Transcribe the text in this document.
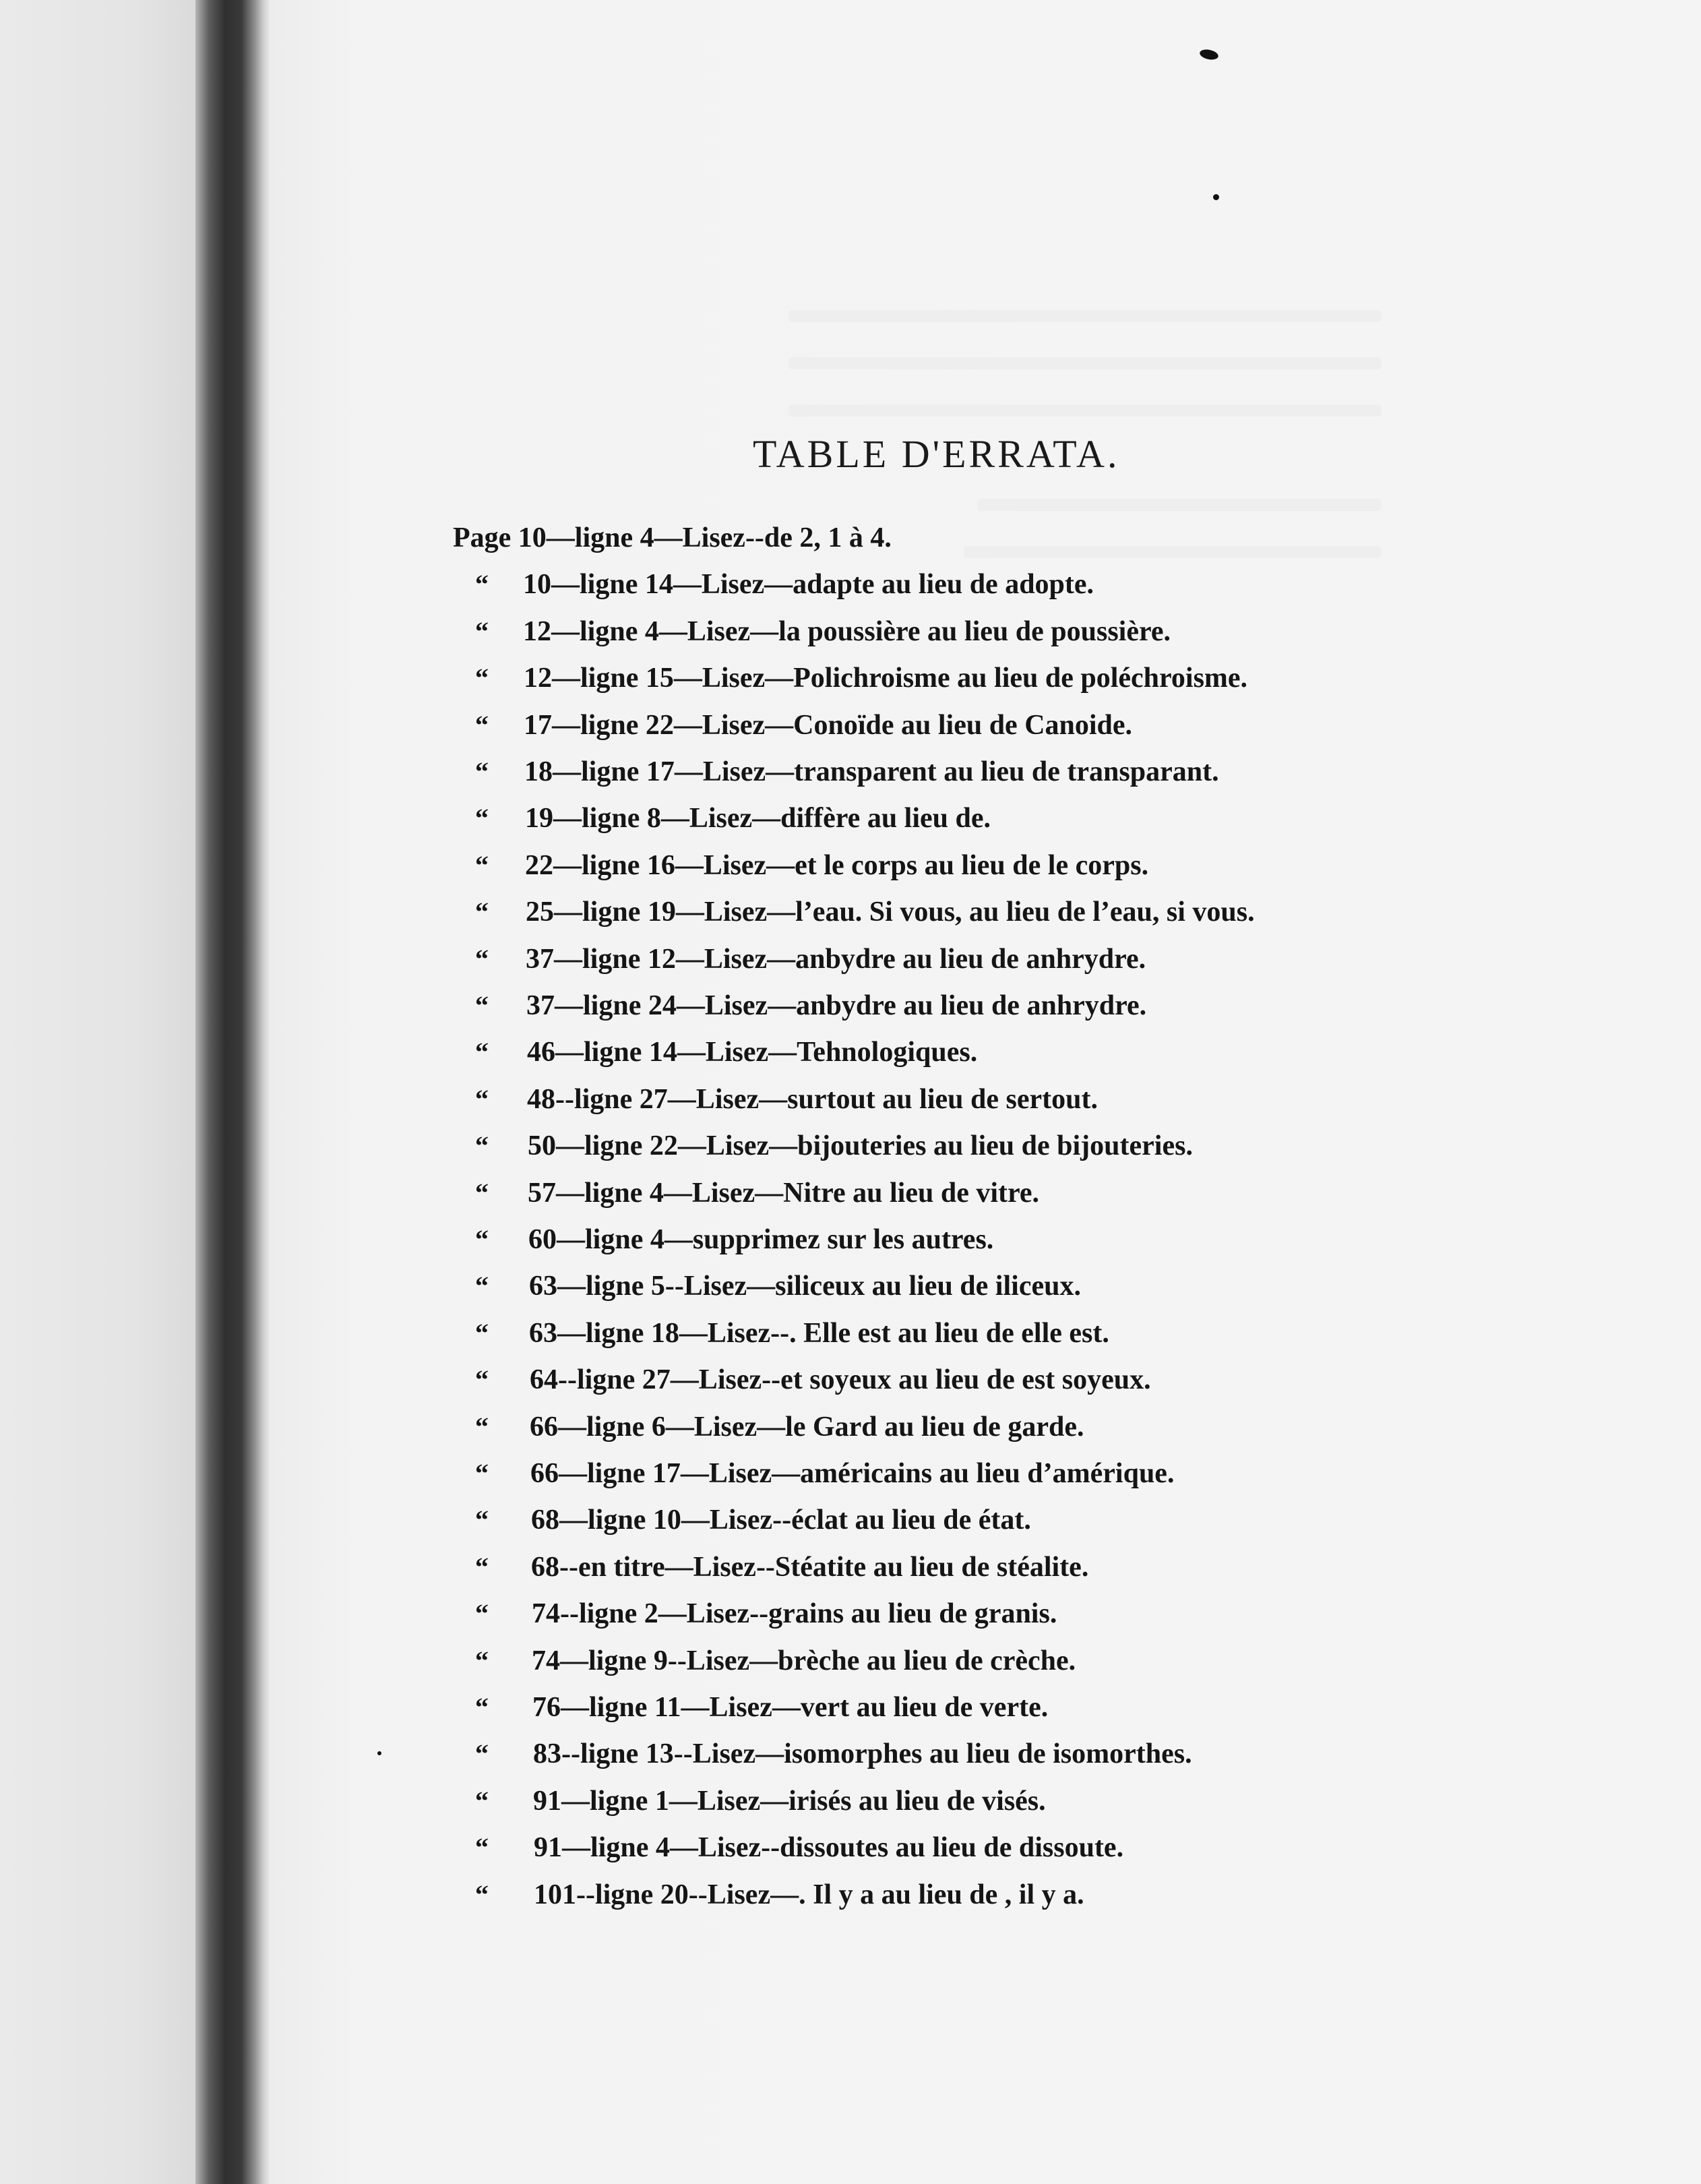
TABLE D'ERRATA.
Page 10—ligne 4—Lisez--de 2, 1 à 4.
“ 10—ligne 14—Lisez—adapte au lieu de adopte.
“ 12—ligne 4—Lisez—la poussière au lieu de poussière.
“ 12—ligne 15—Lisez—Polichroisme au lieu de poléchroisme.
“ 17—ligne 22—Lisez—Conoïde au lieu de Canoide.
“ 18—ligne 17—Lisez—transparent au lieu de transparant.
“ 19—ligne 8—Lisez—diffère au lieu de.
“ 22—ligne 16—Lisez—et le corps au lieu de le corps.
“ 25—ligne 19—Lisez—l’eau. Si vous, au lieu de l’eau, si vous.
“ 37—ligne 12—Lisez—anbydre au lieu de anhrydre.
“ 37—ligne 24—Lisez—anbydre au lieu de anhrydre.
“ 46—ligne 14—Lisez—Tehnologiques.
“ 48--ligne 27—Lisez—surtout au lieu de sertout.
“ 50—ligne 22—Lisez—bijouteries au lieu de bijouteries.
“ 57—ligne 4—Lisez—Nitre au lieu de vitre.
“ 60—ligne 4—supprimez sur les autres.
“ 63—ligne 5--Lisez—siliceux au lieu de iliceux.
“ 63—ligne 18—Lisez--. Elle est au lieu de elle est.
“ 64--ligne 27—Lisez--et soyeux au lieu de est soyeux.
“ 66—ligne 6—Lisez—le Gard au lieu de garde.
“ 66—ligne 17—Lisez—américains au lieu d’amérique.
“ 68—ligne 10—Lisez--éclat au lieu de état.
“ 68--en titre—Lisez--Stéatite au lieu de stéalite.
“ 74--ligne 2—Lisez--grains au lieu de granis.
“ 74—ligne 9--Lisez—brèche au lieu de crèche.
“ 76—ligne 11—Lisez—vert au lieu de verte.
“ 83--ligne 13--Lisez—isomorphes au lieu de isomorthes.
“ 91—ligne 1—Lisez—irisés au lieu de visés.
“ 91—ligne 4—Lisez--dissoutes au lieu de dissoute.
“ 101--ligne 20--Lisez—. Il y a au lieu de , il y a.
